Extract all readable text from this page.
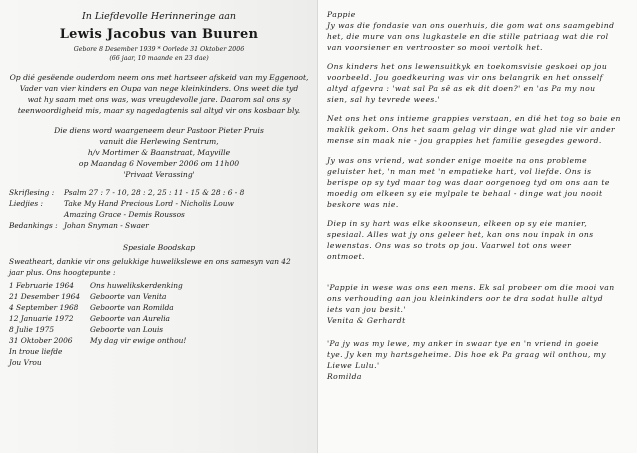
In Liefdevolle Herinneringe aan
Lewis Jacobus van Buuren
Gebore 8 Desember 1939 * Oorlede 31 Oktober 2006
(66 jaar, 10 maande en 23 dae)
Op dié gesëende ouderdom neem ons met hartseer afskeid van my Eggenoot,
Vader van vier kinders en Oupa van nege kleinkinders. Ons weet die tyd
wat hy saam met ons was, was vreugdevolle jare. Daarom sal ons sy
teenwoordigheid mis, maar sy nagedagtenis sal altyd vir ons kosbaar bly.
Die diens word waargeneem deur Pastoor Pieter Pruis
vanuit die Herlewing Sentrum,
h/v Mortimer & Baanstraat, Mayville
op Maandag 6 November 2006 om 11h00
'Privaat Verassing'
Skriflesing : Psalm 27 : 7 - 10, 28 : 2, 25 : 11 - 15 & 28 : 6 - 8
Liedjies :	Take My Hand Precious Lord - Nicholis Louw
Amazing Grace - Demis Roussos
Bedankings : Johan Snyman - Swaer
Spesiale Boodskap
Sweatheart, dankie vir ons gelukkige huwelikslewe en ons samesyn van 42
jaar plus. Ons hoogtepunte :
1 Februarie 1964 Ons huwelikskerdenking
21 Desember 1964 Geboorte van Venita
4 September 1968 Geboorte van Romilda
12 Januarie 1972 Geboorte van Aurelia
8 Julie 1975	Geboorte van Louis
31 Oktober 2006 My dag vir ewige onthou!
In troue liefde
Jou Vrou
Pappie
Jy was die fondasie van ons ouerhuis, die gom wat ons saamgebind
het, die mure van ons lugkastele en die stille patriaag wat die rol
van voorsiener en vertrooster so mooi vertolk het.
Ons kinders het ons lewensuitkyk en toekomsvisie geskoei op jou
voorbeeld. Jou goedkeuring was vir ons belangrik en het onsself
altyd afgevra : 'wat sal Pa sê as ek dit doen?' en 'as Pa my nou
sien, sal hy tevrede wees.'
Net ons het ons intieme grappies verstaan, en dié het tog so baie en
maklik gekom. Ons het saam gelag vir dinge wat glad nie vir ander
mense sin maak nie - jou grappies het familie gesegdes geword.
Jy was ons vriend, wat sonder enige moeite na ons probleme
geluister het, 'n man met 'n empatieke hart, vol liefde. Ons is
berispe op sy tyd maar tog was daar oorgenoeg tyd om ons aan te
moedig om elkeen sy eie mylpale te behaal - dinge wat jou nooit
beskore was nie.
Diep in sy hart was elke skoonseun, elkeen op sy eie manier,
spesiaal. Alles wat jy ons geleer het, kan ons nou inpak in ons
lewenstas. Ons was so trots op jou. Vaarwel tot ons weer
ontmoet.
'Pappie in wese was ons een mens. Ek sal probeer om die mooi van
ons verhouding aan jou kleinkinders oor te dra sodat hulle altyd
iets van jou besit.'
Venita & Gerhardt
'Pa jy was my lewe, my anker in swaar tye en 'n vriend in goeie
tye. Jy ken my hartsgeheime. Dis hoe ek Pa graag wil onthou, my
Liewe Lulu.'
Romilda
